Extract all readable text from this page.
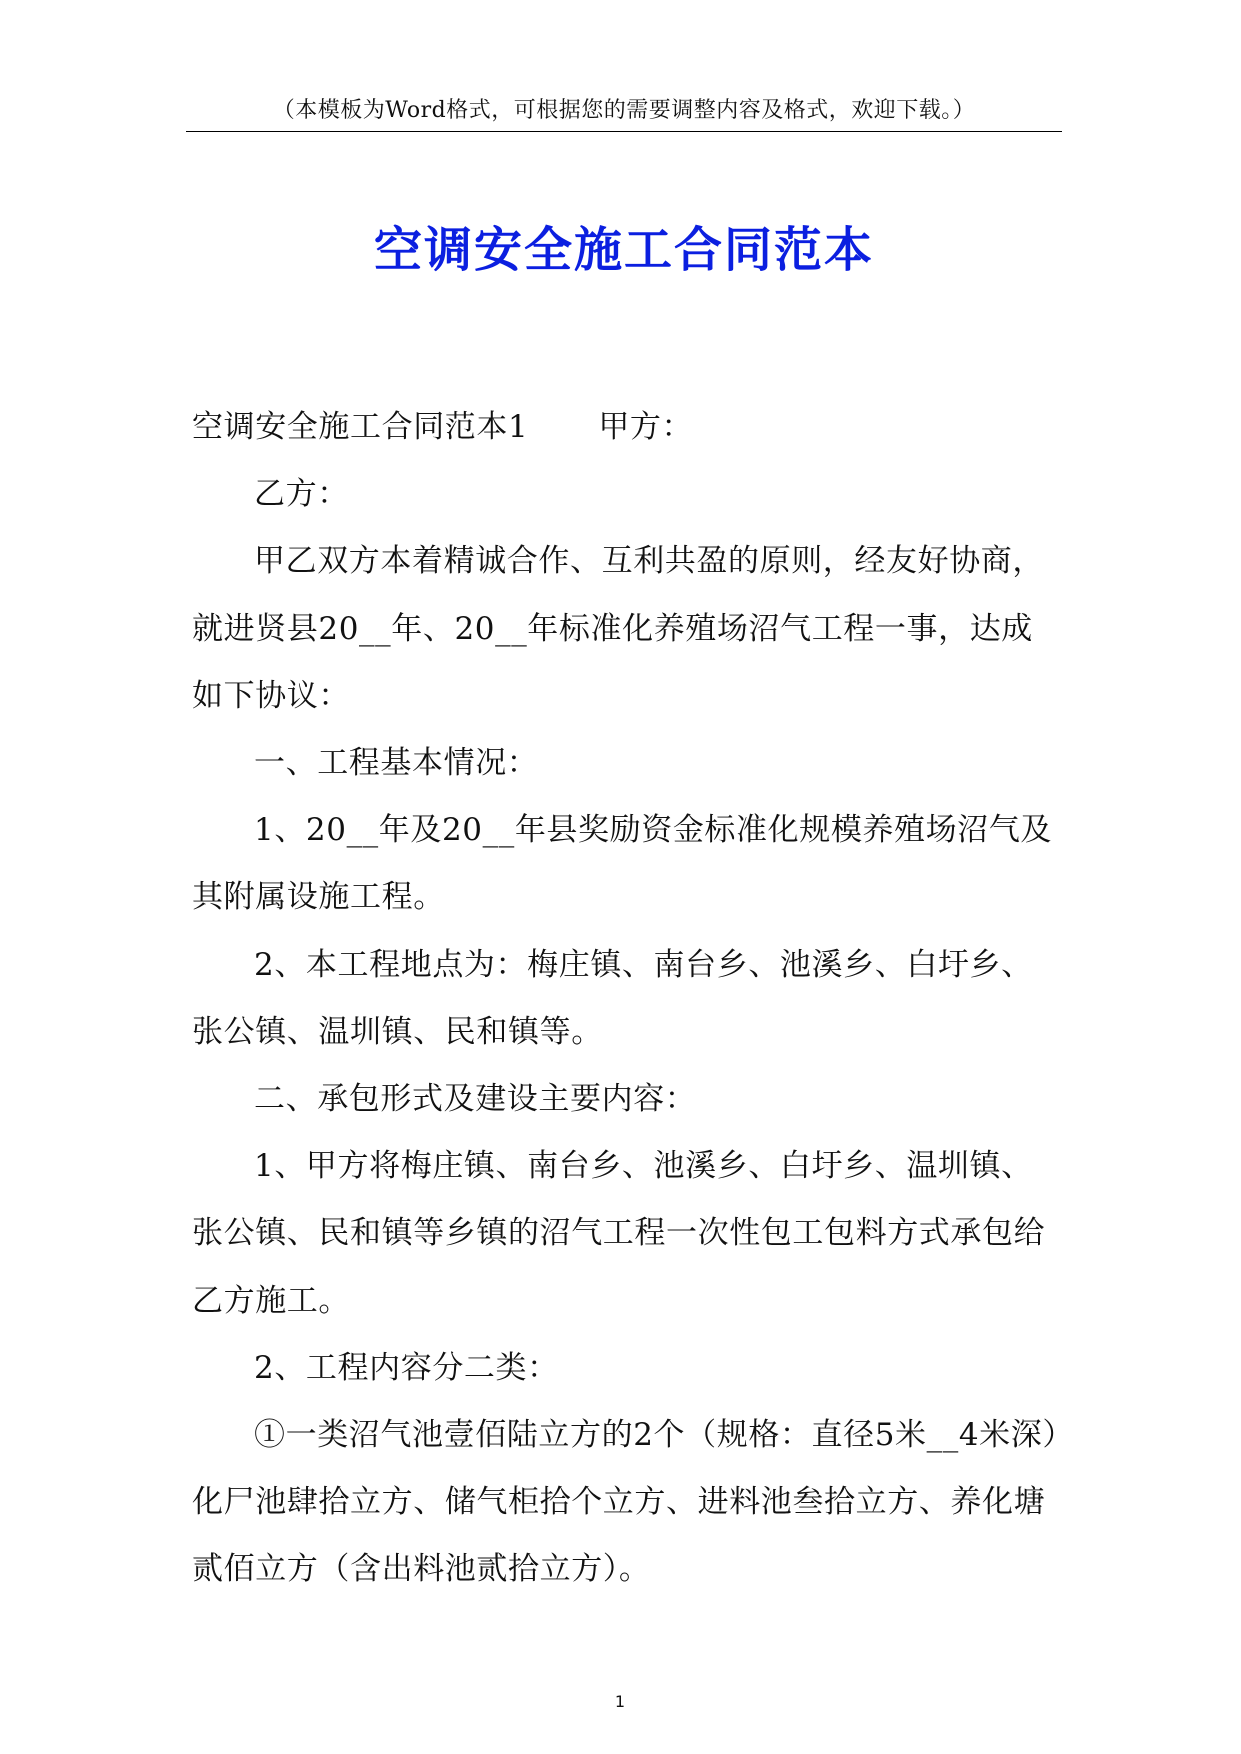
（本模板为Word格式，可根据您的需要调整内容及格式，欢迎下载。）
空调安全施工合同范本

空调安全施工合同范本1 甲方：

乙方：

甲乙双方本着精诚合作、互利共盈的原则，经友好协商，就进贤县20__年、20__年标准化养殖场沼气工程一事，达成如下协议：

一、工程基本情况：

1、20__年及20__年县奖励资金标准化规模养殖场沼气及其附属设施工程。

2、本工程地点为：梅庄镇、南台乡、池溪乡、白圩乡、张公镇、温圳镇、民和镇等。

二、承包形式及建设主要内容：

1、甲方将梅庄镇、南台乡、池溪乡、白圩乡、温圳镇、张公镇、民和镇等乡镇的沼气工程一次性包工包料方式承包给乙方施工。

2、工程内容分二类：

①一类沼气池壹佰陆立方的2个（规格：直径5米__4米深）化尸池肆拾立方、储气柜拾个立方、进料池叁拾立方、养化塘贰佰立方（含出料池贰拾立方）。

1
